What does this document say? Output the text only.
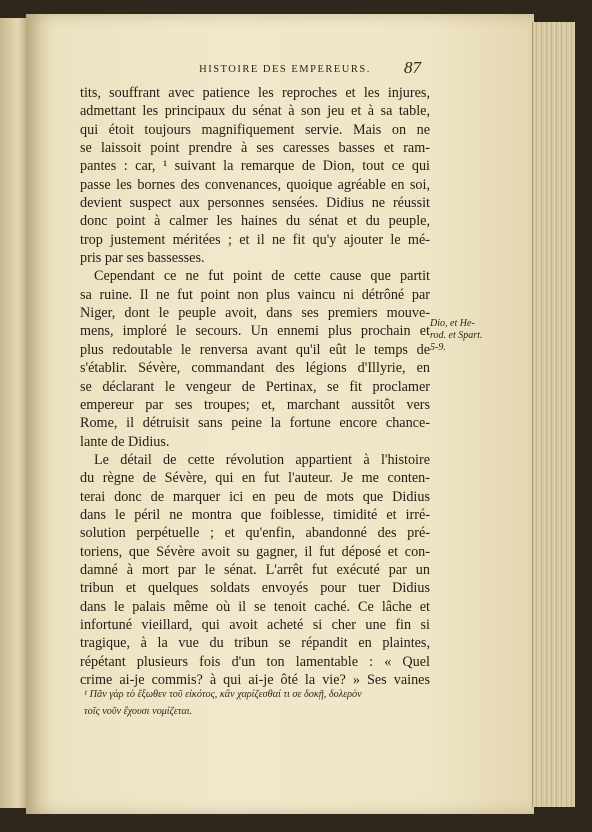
HISTOIRE DES EMPEREURS.	87
tits, souffrant avec patience les reproches et les injures,
admettant les principaux du sénat à son jeu et à sa table,
qui étoit toujours magnifiquement servie. Mais on ne
se laissoit point prendre à ses caresses basses et ram-
pantes : car, ¹ suivant la remarque de Dion, tout ce qui
passe les bornes des convenances, quoique agréable en soi,
devient suspect aux personnes sensées. Didius ne réussit
donc point à calmer les haines du sénat et du peuple,
trop justement méritées ; et il ne fit qu'y ajouter le mé-
pris par ses bassesses.
Cependant ce ne fut point de cette cause que partit
sa ruine. Il ne fut point non plus vaincu ni détrôné par
Niger, dont le peuple avoit, dans ses premiers mouve-
mens, imploré le secours. Un ennemi plus prochain et
plus redoutable le renversa avant qu'il eût le temps de
s'établir. Sévère, commandant des légions d'Illyrie, en
se déclarant le vengeur de Pertinax, se fit proclamer
empereur par ses troupes; et, marchant aussitôt vers
Rome, il détruisit sans peine la fortune encore chance-
lante de Didius.
Le détail de cette révolution appartient à l'histoire
du règne de Sévère, qui en fut l'auteur. Je me conten-
terai donc de marquer ici en peu de mots que Didius
dans le péril ne montra que foiblesse, timidité et irré-
solution perpétuelle ; et qu'enfin, abandonné des pré-
toriens, que Sévère avoit su gagner, il fut déposé et con-
damné à mort par le sénat. L'arrêt fut exécuté par un
tribun et quelques soldats envoyés pour tuer Didius
dans le palais même où il se tenoit caché. Ce lâche et
infortuné vieillard, qui avoit acheté si cher une fin si
tragique, à la vue du tribun se répandit en plaintes,
répétant plusieurs fois d'un ton lamentable : « Quel
crime ai-je commis? à qui ai-je ôté la vie? » Ses vaines
Dio, et He-
rod. et Spart.
5-9.
¹ Πᾶν γὰρ τὸ ἔξωθεν τοῦ εἰκότος, κἂν χαρίζεσθαί τι σε δοκῇ, δολερὸν
τοῖς νοῦν ἔχουσι νομίζεται.
